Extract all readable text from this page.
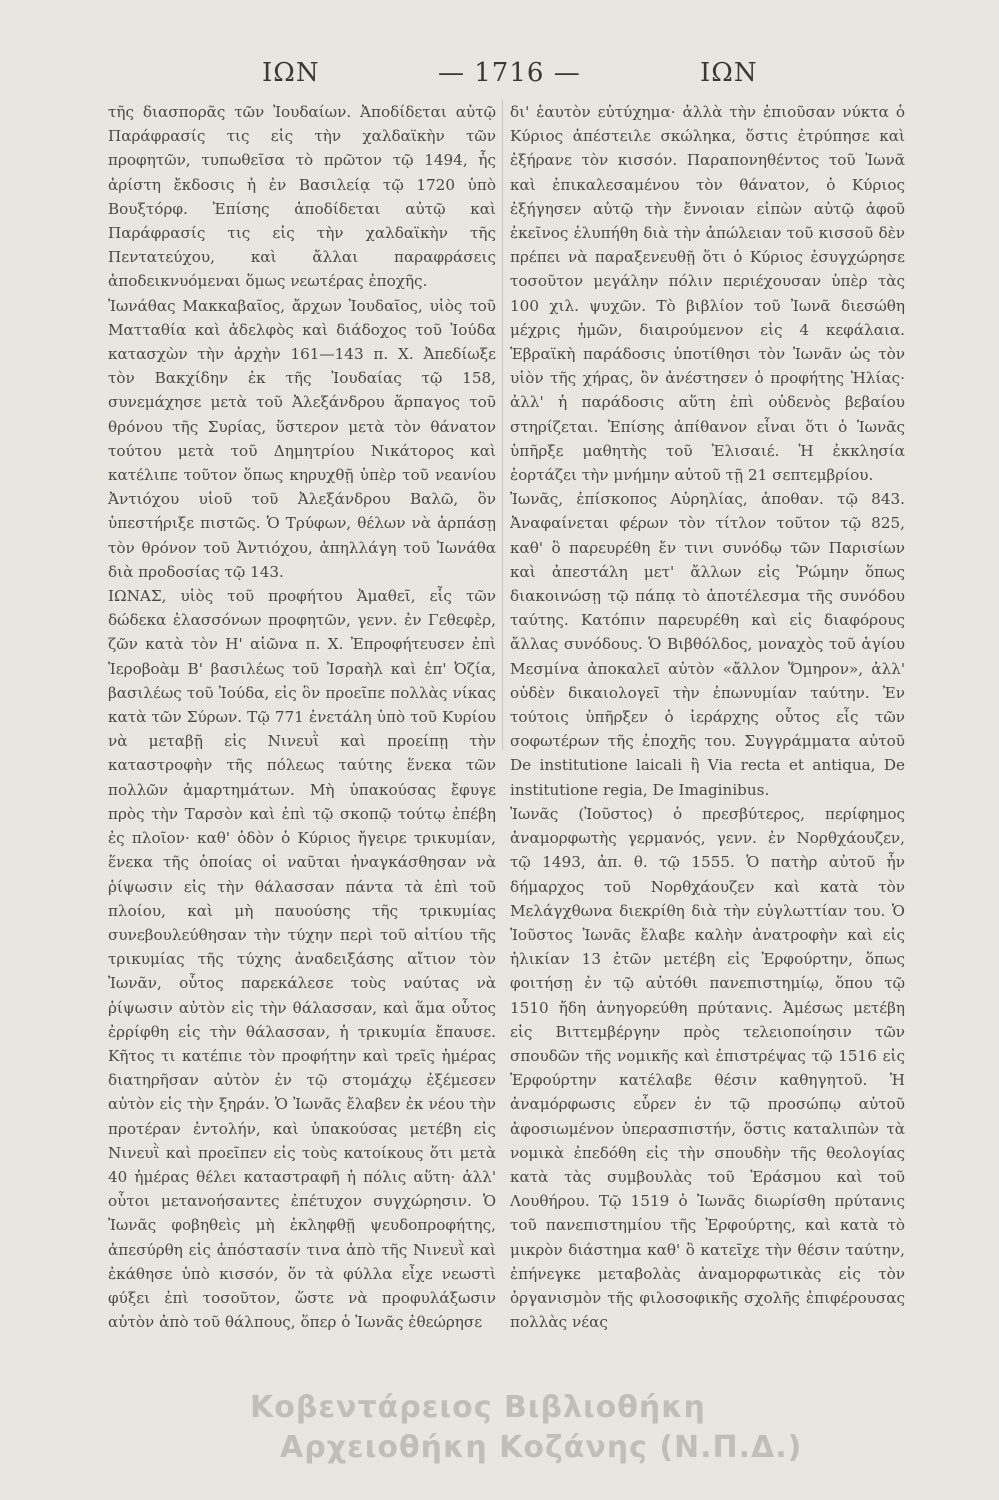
ΙΩΝ	— 1716 —	ΙΩΝ

τῆς διασπορᾶς τῶν Ἰουδαίων. Ἀποδίδεται αὐτῷ Παράφρασίς τις εἰς τὴν χαλδαϊκὴν τῶν προφητῶν, τυπωθεῖσα τὸ πρῶτον τῷ 1494, ἧς ἀρίστη ἔκδοσις ἡ ἐν Βασιλείᾳ τῷ 1720 ὑπὸ Βουξτόρφ. Ἐπίσης ἀποδίδεται αὐτῷ καὶ Παράφρασίς τις εἰς τὴν χαλδαϊκὴν τῆς Πεντατεύχου, καὶ ἄλλαι παραφράσεις ἀποδεικνυόμεναι ὅμως νεωτέρας ἐποχῆς.

Ἰωνάθας Μακκαβαῖος, ἄρχων Ἰουδαῖος, υἱὸς τοῦ Ματταθία καὶ ἀδελφὸς καὶ διάδοχος τοῦ Ἰούδα κατασχὼν τὴν ἀρχὴν 161—143 π. Χ. Ἀπεδίωξε τὸν Βακχίδην ἐκ τῆς Ἰουδαίας τῷ 158, συνεμάχησε μετὰ τοῦ Ἀλεξάνδρου ἅρπαγος τοῦ θρόνου τῆς Συρίας, ὕστερον μετὰ τὸν θάνατον τούτου μετὰ τοῦ Δημητρίου Νικάτορος καὶ κατέλιπε τοῦτον ὅπως κηρυχθῇ ὑπὲρ τοῦ νεανίου Ἀντιόχου υἱοῦ τοῦ Ἀλεξάνδρου Βαλῶ, ὃν ὑπεστήριξε πιστῶς. Ὁ Τρύφων, θέλων νὰ ἁρπάσῃ τὸν θρόνον τοῦ Ἀντιόχου, ἀπηλλάγη τοῦ Ἰωνάθα διὰ προδοσίας τῷ 143.

ΙΩΝΑΣ, υἱὸς τοῦ προφήτου Ἀμαθεῖ, εἷς τῶν δώδεκα ἐλασσόνων προφητῶν, γενν. ἐν Γεθεφὲρ, ζῶν κατὰ τὸν Η' αἰῶνα π. Χ. Ἐπροφήτευσεν ἐπὶ Ἱεροβοὰμ Β' βασιλέως τοῦ Ἰσραὴλ καὶ ἐπ' Ὀζία, βασιλέως τοῦ Ἰούδα, εἰς ὃν προεῖπε πολλὰς νίκας κατὰ τῶν Σύρων. Τῷ 771 ἐνετάλη ὑπὸ τοῦ Κυρίου νὰ μεταβῇ εἰς Νινευῒ καὶ προείπῃ τὴν καταστροφὴν τῆς πόλεως ταύτης ἕνεκα τῶν πολλῶν ἁμαρτημάτων. Μὴ ὑπακούσας ἔφυγε πρὸς τὴν Ταρσὸν καὶ ἐπὶ τῷ σκοπῷ τούτῳ ἐπέβη ἐς πλοῖον· καθ' ὁδὸν ὁ Κύριος ἤγειρε τρικυμίαν, ἕνεκα τῆς ὁποίας οἱ ναῦται ἠναγκάσθησαν νὰ ῥίψωσιν εἰς τὴν θάλασσαν πάντα τὰ ἐπὶ τοῦ πλοίου, καὶ μὴ παυούσης τῆς τρικυμίας συνεβουλεύθησαν τὴν τύχην περὶ τοῦ αἰτίου τῆς τρικυμίας τῆς τύχης ἀναδειξάσης αἴτιον τὸν Ἰωνᾶν, οὗτος παρεκάλεσε τοὺς ναύτας νὰ ῥίψωσιν αὐτὸν εἰς τὴν θάλασσαν, καὶ ἅμα οὗτος ἐρρίφθη εἰς τὴν θάλασσαν, ἡ τρικυμία ἔπαυσε. Κῆτος τι κατέπιε τὸν προφήτην καὶ τρεῖς ἡμέρας διατηρῆσαν αὐτὸν ἐν τῷ στομάχῳ ἐξέμεσεν αὐτὸν εἰς τὴν ξηράν. Ὁ Ἰωνᾶς ἔλαβεν ἐκ νέου τὴν προτέραν ἐντολήν, καὶ ὑπακούσας μετέβη εἰς Νινευῒ καὶ προεῖπεν εἰς τοὺς κατοίκους ὅτι μετὰ 40 ἡμέρας θέλει καταστραφῆ ἡ πόλις αὕτη· ἀλλ' οὗτοι μετανοήσαντες ἐπέτυχον συγχώρησιν. Ὁ Ἰωνᾶς φοβηθεὶς μὴ ἐκληφθῇ ψευδοπροφήτης, ἀπεσύρθη εἰς ἀπόστασίν τινα ἀπὸ τῆς Νινευῒ καὶ ἐκάθησε ὑπὸ κισσόν, ὅν τὰ φύλλα εἶχε νεωστὶ φύξει ἐπὶ τοσοῦτον, ὥστε νὰ προφυλάξωσιν αὐτὸν ἀπὸ τοῦ θάλπους, ὅπερ ὁ Ἰωνᾶς ἐθεώρησε

δι' ἑαυτὸν εὐτύχημα· ἀλλὰ τὴν ἐπιοῦσαν νύκτα ὁ Κύριος ἀπέστειλε σκώληκα, ὅστις ἐτρύπησε καὶ ἐξήρανε τὸν κισσόν. Παραπονηθέντος τοῦ Ἰωνᾶ καὶ ἐπικαλεσαμένου τὸν θάνατον, ὁ Κύριος ἐξήγησεν αὐτῷ τὴν ἔννοιαν εἰπὼν αὐτῷ ἀφοῦ ἐκεῖνος ἐλυπήθη διὰ τὴν ἀπώλειαν τοῦ κισσοῦ δὲν πρέπει νὰ παραξενευθῇ ὅτι ὁ Κύριος ἐσυγχώρησε τοσοῦτον μεγάλην πόλιν περιέχουσαν ὑπὲρ τὰς 100 χιλ. ψυχῶν. Τὸ βιβλίον τοῦ Ἰωνᾶ διεσώθη μέχρις ἡμῶν, διαιρούμενον εἰς 4 κεφάλαια. Ἑβραϊκὴ παράδοσις ὑποτίθησι τὸν Ἰωνᾶν ὡς τὸν υἱὸν τῆς χήρας, ὃν ἀνέστησεν ὁ προφήτης Ἠλίας· ἀλλ' ἡ παράδοσις αὕτη ἐπὶ οὐδενὸς βεβαίου στηρίζεται. Ἐπίσης ἀπίθανον εἶναι ὅτι ὁ Ἰωνᾶς ὑπῆρξε μαθητὴς τοῦ Ἐλισαιέ. Ἡ ἐκκλησία ἑορτάζει τὴν μνήμην αὐτοῦ τῇ 21 σεπτεμβρίου.

Ἰωνᾶς, ἐπίσκοπος Αὐρηλίας, ἀποθαν. τῷ 843. Ἀναφαίνεται φέρων τὸν τίτλον τοῦτον τῷ 825, καθ' ὃ παρευρέθη ἔν τινι συνόδῳ τῶν Παρισίων καὶ ἀπεστάλη μετ' ἄλλων εἰς Ῥώμην ὅπως διακοινώσῃ τῷ πάπᾳ τὸ ἀποτέλεσμα τῆς συνόδου ταύτης. Κατόπιν παρευρέθη καὶ εἰς διαφόρους ἄλλας συνόδους. Ὁ Βιβθόλδος, μοναχὸς τοῦ ἁγίου Μεσμίνα ἀποκαλεῖ αὐτὸν «ἄλλον Ὅμηρον», ἀλλ' οὐδὲν δικαιολογεῖ τὴν ἐπωνυμίαν ταύτην. Ἐν τούτοις ὑπῆρξεν ὁ ἱεράρχης οὗτος εἷς τῶν σοφωτέρων τῆς ἐποχῆς του. Συγγράμματα αὐτοῦ De institutione laicali ἢ Via recta et antiqua, De institutione regia, De Imaginibus.

Ἰωνᾶς (Ἰοῦστος) ὁ πρεσβύτερος, περίφημος ἀναμορφωτὴς γερμανός, γενν. ἐν Νορθχάουζεν, τῷ 1493, ἀπ. θ. τῷ 1555. Ὁ πατὴρ αὐτοῦ ἦν δήμαρχος τοῦ Νορθχάουζεν καὶ κατὰ τὸν Μελάγχθωνα διεκρίθη διὰ τὴν εὐγλωττίαν του. Ὁ Ἰοῦστος Ἰωνᾶς ἔλαβε καλὴν ἀνατροφὴν καὶ εἰς ἡλικίαν 13 ἐτῶν μετέβη εἰς Ἐρφούρτην, ὅπως φοιτήσῃ ἐν τῷ αὐτόθι πανεπιστημίῳ, ὅπου τῷ 1510 ἤδη ἀνηγορεύθη πρύτανις. Ἀμέσως μετέβη εἰς Βιττεμβέργην πρὸς τελειοποίησιν τῶν σπουδῶν τῆς νομικῆς καὶ ἐπιστρέψας τῷ 1516 εἰς Ἐρφούρτην κατέλαβε θέσιν καθηγητοῦ. Ἡ ἀναμόρφωσις εὗρεν ἐν τῷ προσώπῳ αὐτοῦ ἀφοσιωμένον ὑπερασπιστήν, ὅστις καταλιπὼν τὰ νομικὰ ἐπεδόθη εἰς τὴν σπουδὴν τῆς θεολογίας κατὰ τὰς συμβουλὰς τοῦ Ἐράσμου καὶ τοῦ Λουθήρου. Τῷ 1519 ὁ Ἰωνᾶς διωρίσθη πρύτανις τοῦ πανεπιστημίου τῆς Ἐρφούρτης, καὶ κατὰ τὸ μικρὸν διάστημα καθ' ὃ κατεῖχε τὴν θέσιν ταύτην, ἐπήνεγκε μεταβολὰς ἀναμορφωτικὰς εἰς τὸν ὀργανισμὸν τῆς φιλοσοφικῆς σχολῆς ἐπιφέρουσας πολλὰς νέας

Κοβεντάρειος Βιβλιοθήκη
Αρχειοθήκη Κοζάνης (Ν.Π.Δ.)
